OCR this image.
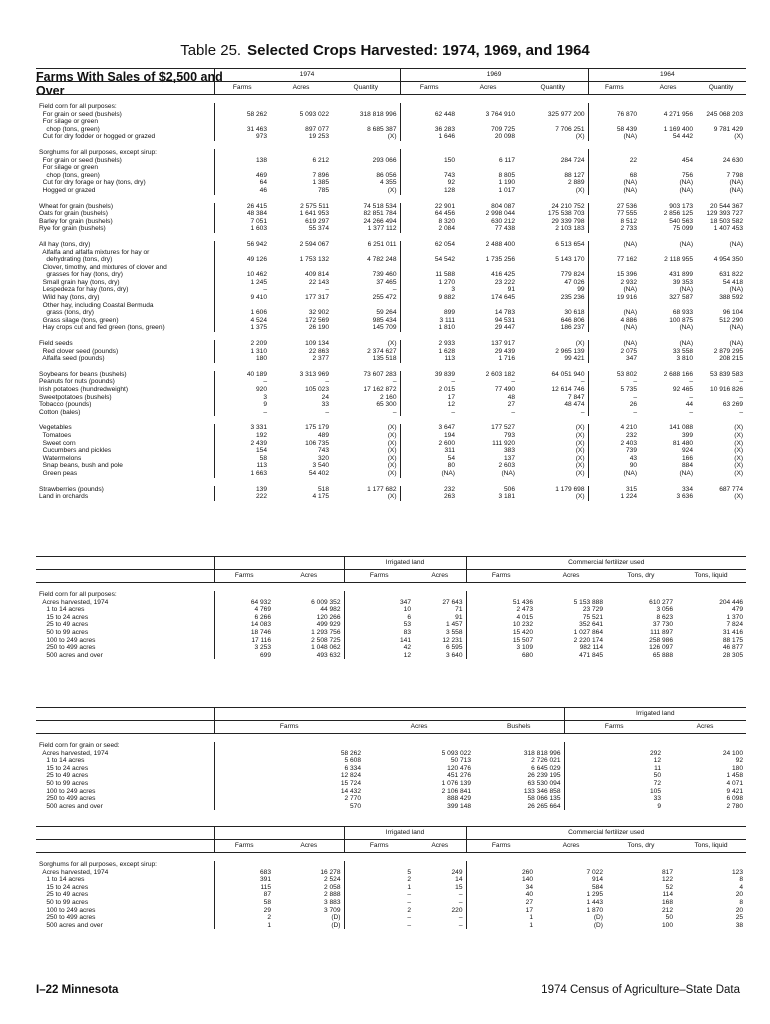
Table 25. Selected Crops Harvested: 1974, 1969, and 1964
Farms With Sales of $2,500 and Over
	1974			1969			1964		
	Farms	Acres	Quantity	Farms	Acres	Quantity	Farms	Acres	Quantity

Field corn for all purposes:									
For grain or seed (bushels)	58 262	5 093 022	318 818 996	62 448	3 764 910	325 977 200	76 870	4 271 956	245 068 203
For silage or green									
chop (tons, green)	31 463	897 077	8 685 387	36 283	709 725	7 706 251	58 439	1 169 400	9 781 429
Cut for dry fodder or hogged or grazed	973	19 253	(X)	1 646	20 098	(X)	(NA)	54 442	(X)

Sorghums for all purposes, except sirup:									
For grain or seed (bushels)	138	6 212	293 066	150	6 117	284 724	22	454	24 630
For silage or green									
chop (tons, green)	469	7 896	86 056	743	8 805	88 127	68	756	7 798
Cut for dry forage or hay (tons, dry)	64	1 385	4 355	92	1 190	2 889	(NA)	(NA)	(NA)
Hogged or grazed	46	785	(X)	128	1 017	(X)	(NA)	(NA)	(NA)

Wheat for grain (bushels)	26 415	2 575 511	74 518 534	22 901	804 087	24 210 752	27 536	903 173	20 544 367
Oats for grain (bushels)	48 384	1 641 953	82 851 784	64 456	2 998 044	175 538 703	77 555	2 856 125	129 393 727
Barley for grain (bushels)	7 051	619 297	24 266 494	8 320	630 212	29 339 798	8 512	540 563	18 503 582
Rye for grain (bushels)	1 603	55 374	1 377 112	2 084	77 438	2 103 183	2 733	75 099	1 407 453

All hay (tons, dry)	56 942	2 594 067	6 251 011	62 054	2 488 400	6 513 654	(NA)	(NA)	(NA)
Alfalfa and alfalfa mixtures for hay or									
dehydrating (tons, dry)	49 126	1 753 132	4 782 248	54 542	1 735 256	5 143 170	77 162	2 118 955	4 954 350
Clover, timothy, and mixtures of clover and									
grasses for hay (tons, dry)	10 462	409 814	739 460	11 588	416 425	779 824	15 396	431 899	631 822
Small grain hay (tons, dry)	1 245	22 143	37 465	1 270	23 222	47 026	2 932	39 353	54 418
Lespedeza for hay (tons, dry)	–	–	–	3	91	99	(NA)	(NA)	(NA)
Wild hay (tons, dry)	9 410	177 317	255 472	9 882	174 645	235 236	19 916	327 587	388 592

Other hay, including Coastal Bermuda									
grass (tons, dry)	1 606	32 902	59 264	899	14 783	30 618	(NA)	68 933	96 104
Grass silage (tons, green)	4 524	172 569	985 434	3 111	94 531	646 806	4 886	100 875	512 290
Hay crops cut and fed green (tons, green)	1 375	26 190	145 709	1 810	29 447	186 237	(NA)	(NA)	(NA)

Field seeds	2 209	109 134	(X)	2 933	137 917	(X)	(NA)	(NA)	(NA)
Red clover seed (pounds)	1 310	22 863	2 374 627	1 628	29 439	2 965 139	2 075	33 558	2 879 295
Alfalfa seed (pounds)	180	2 377	135 518	113	1 716	99 421	347	3 810	208 215

Soybeans for beans (bushels)	40 189	3 313 969	73 607 283	39 839	2 603 182	64 051 940	53 802	2 688 166	53 839 583
Peanuts for nuts (pounds)	–	–	–	–	–	–	–	–	–
Irish potatoes (hundredweight)	920	105 023	17 162 872	2 015	77 490	12 614 746	5 735	92 465	10 916 826
Sweetpotatoes (bushels)	3	24	2 160	17	48	7 847	–	–	–
Tobacco (pounds)	9	33	65 300	12	27	48 474	26	44	63 269
Cotton (bales)	–	–	–	–	–	–	–	–	–

Vegetables	3 331	175 179	(X)	3 647	177 527	(X)	4 210	141 088	(X)
Tomatoes	192	489	(X)	194	793	(X)	232	399	(X)
Sweet corn	2 439	106 735	(X)	2 600	111 920	(X)	2 403	81 480	(X)
Cucumbers and pickles	154	743	(X)	311	383	(X)	739	924	(X)
Watermelons	58	320	(X)	54	137	(X)	43	166	(X)
Snap beans, bush and pole	113	3 540	(X)	80	2 603	(X)	90	884	(X)
Green peas	1 663	54 402	(X)	(NA)	(NA)	(X)	(NA)	(NA)	(X)

Strawberries (pounds)	139	518	1 177 682	232	506	1 179 698	315	334	687 774
Land in orchards	222	4 175	(X)	263	3 181	(X)	1 224	3 636	(X)

			Irrigated land		Commercial fertilizer used			
	Farms	Acres	Farms	Acres	Farms	Acres	Tons, dry	Tons, liquid

Field corn for all purposes:								
Acres harvested, 1974	64 932	6 009 352	347	27 643	51 436	5 153 888	610 277	204 446
1 to 14 acres	4 769	44 982	10	71	2 473	23 729	3 056	479
15 to 24 acres	6 266	120 266	6	91	4 015	75 521	8 623	1 370
25 to 49 acres	14 083	499 929	53	1 457	10 232	352 641	37 730	7 824
50 to 99 acres	18 746	1 293 756	83	3 558	15 420	1 027 864	111 897	31 416
100 to 249 acres	17 116	2 508 725	141	12 231	15 507	2 220 174	258 986	88 175
250 to 499 acres	3 253	1 048 062	42	6 595	3 109	982 114	126 097	46 877
500 acres and over	699	493 632	12	3 640	680	471 845	65 888	28 305
				Irrigated land	
	Farms	Acres	Bushels	Farms	Acres

Field corn for grain or seed:					
Acres harvested, 1974	58 262	5 093 022	318 818 996	292	24 100
1 to 14 acres	5 608	50 713	2 726 021	12	92
15 to 24 acres	6 334	120 476	6 645 029	11	180
25 to 49 acres	12 824	451 276	26 239 195	50	1 458
50 to 99 acres	15 724	1 076 139	63 530 094	72	4 071
100 to 249 acres	14 432	2 106 841	133 346 858	105	9 421
250 to 499 acres	2 770	888 429	58 066 135	33	6 098
500 acres and over	570	399 148	26 265 664	9	2 780
			Irrigated land		Commercial fertilizer used			
	Farms	Acres	Farms	Acres	Farms	Acres	Tons, dry	Tons, liquid

Sorghums for all purposes, except sirup:								
Acres harvested, 1974	683	16 278	5	249	260	7 022	817	123
1 to 14 acres	391	2 524	2	14	140	914	122	8
15 to 24 acres	115	2 058	1	15	34	584	52	4
25 to 49 acres	87	2 888	–	–	40	1 295	114	20
50 to 99 acres	58	3 883	–	–	27	1 443	168	8
100 to 249 acres	29	3 709	2	220	17	1 870	212	20
250 to 499 acres	2	(D)	–	–	1	(D)	50	25
500 acres and over	1	(D)	–	–	1	(D)	100	38
I–22 Minnesota	1974 Census of Agriculture–State Data
